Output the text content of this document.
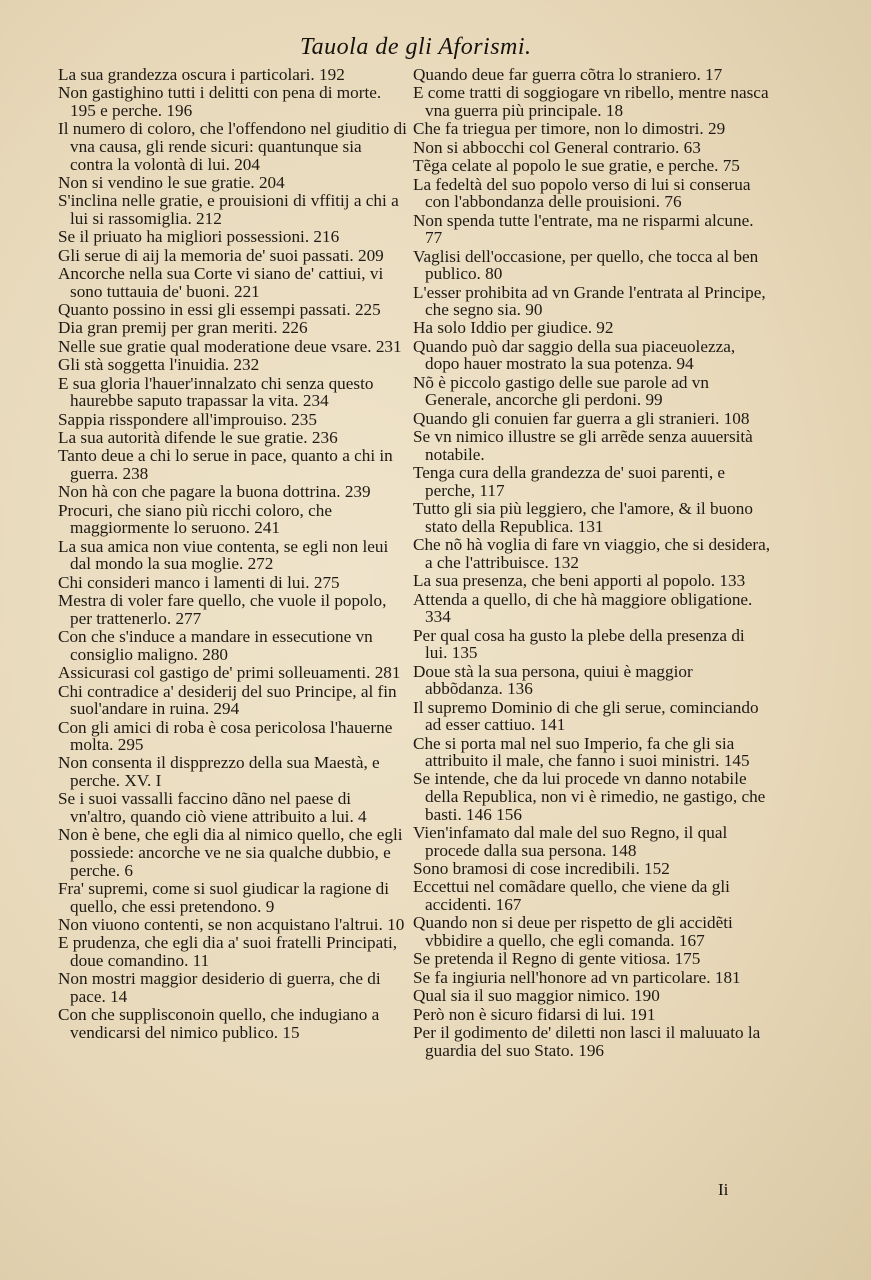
Tauola de gli Aforismi.
La sua grandezza oscura i particolari. 192
Non gastighino tutti i delitti con pena di morte. 195 e perche. 196
Il numero di coloro, che l'offendono nel giuditio di vna causa, gli rende sicuri: quantunque sia contra la volontà di lui. 204
Non si vendino le sue gratie. 204
S'inclina nelle gratie, e prouisioni di vffitij a chi a lui si rassomiglia. 212
Se il priuato ha migliori possessioni. 216
Gli serue di aij la memoria de' suoi passati. 209
Ancorche nella sua Corte vi siano de' cattiui, vi sono tuttauia de' buoni. 221
Quanto possino in essi gli essempi passati. 225
Dia gran premij per gran meriti. 226
Nelle sue gratie qual moderatione deue vsare. 231
Gli stà soggetta l'inuidia. 232
E sua gloria l'hauer'innalzato chi senza questo haurebbe saputo trapassar la vita. 234
Sappia risspondere all'improuiso. 235
La sua autorità difende le sue gratie. 236
Tanto deue a chi lo serue in pace, quanto a chi in guerra. 238
Non hà con che pagare la buona dottrina. 239
Procuri, che siano più ricchi coloro, che maggiormente lo seruono. 241
La sua amica non viue contenta, se egli non leui dal mondo la sua moglie. 272
Chi consideri manco i lamenti di lui. 275
Mestra di voler fare quello, che vuole il popolo, per trattenerlo. 277
Con che s'induce a mandare in essecutione vn consiglio maligno. 280
Assicurasi col gastigo de' primi solleuamenti. 281
Chi contradice a' desiderij del suo Principe, al fin suol'andare in ruina. 294
Con gli amici di roba è cosa pericolosa l'hauerne molta. 295
Non consenta il dispprezzo della sua Maestà, e perche. XV. I
Se i suoi vassalli faccino dãno nel paese di vn'altro, quando ciò viene attribuito a lui. 4
Non è bene, che egli dia al nimico quello, che egli possiede: ancorche ve ne sia qualche dubbio, e perche. 6
Fra' supremi, come si suol giudicar la ragione di quello, che essi pretendono. 9
Non viuono contenti, se non acquistano l'altrui. 10
E prudenza, che egli dia a' suoi fratelli Principati, doue comandino. 11
Non mostri maggior desiderio di guerra, che di pace. 14
Con che supplisconoin quello, che indugiano a vendicarsi del nimico publico. 15
Quando deue far guerra cõtra lo straniero. 17
E come tratti di soggiogare vn ribello, mentre nasca vna guerra più principale. 18
Che fa triegua per timore, non lo dimostri. 29
Non si abbocchi col General contrario. 63
Tẽga celate al popolo le sue gratie, e perche. 75
La fedeltà del suo popolo verso di lui si conserua con l'abbondanza delle prouisioni. 76
Non spenda tutte l'entrate, ma ne risparmi alcune. 77
Vaglisi dell'occasione, per quello, che tocca al ben publico. 80
L'esser prohibita ad vn Grande l'entrata al Principe, che segno sia. 90
Ha solo Iddio per giudice. 92
Quando può dar saggio della sua piaceuolezza, dopo hauer mostrato la sua potenza. 94
Nõ è piccolo gastigo delle sue parole ad vn Generale, ancorche gli perdoni. 99
Quando gli conuien far guerra a gli stranieri. 108
Se vn nimico illustre se gli arrẽde senza auuersità notabile.
Tenga cura della grandezza de' suoi parenti, e perche, 117
Tutto gli sia più leggiero, che l'amore, & il buono stato della Republica. 131
Che nõ hà voglia di fare vn viaggio, che si desidera, a che l'attribuisce. 132
La sua presenza, che beni apporti al popolo. 133
Attenda a quello, di che hà maggiore obligatione. 334
Per qual cosa ha gusto la plebe della presenza di lui. 135
Doue stà la sua persona, quiui è maggior abbõdanza. 136
Il supremo Dominio di che gli serue, cominciando ad esser cattiuo. 141
Che si porta mal nel suo Imperio, fa che gli sia attribuito il male, che fanno i suoi ministri. 145
Se intende, che da lui procede vn danno notabile della Republica, non vi è rimedio, ne gastigo, che basti. 146 156
Vien'infamato dal male del suo Regno, il qual procede dalla sua persona. 148
Sono bramosi di cose incredibili. 152
Eccettui nel comãdare quello, che viene da gli accidenti. 167
Quando non si deue per rispetto de gli accidẽti vbbidire a quello, che egli comanda. 167
Se pretenda il Regno di gente vitiosa. 175
Se fa ingiuria nell'honore ad vn particolare. 181
Qual sia il suo maggior nimico. 190
Però non è sicuro fidarsi di lui. 191
Per il godimento de' diletti non lasci il maluuato la guardia del suo Stato. 196
Ii
